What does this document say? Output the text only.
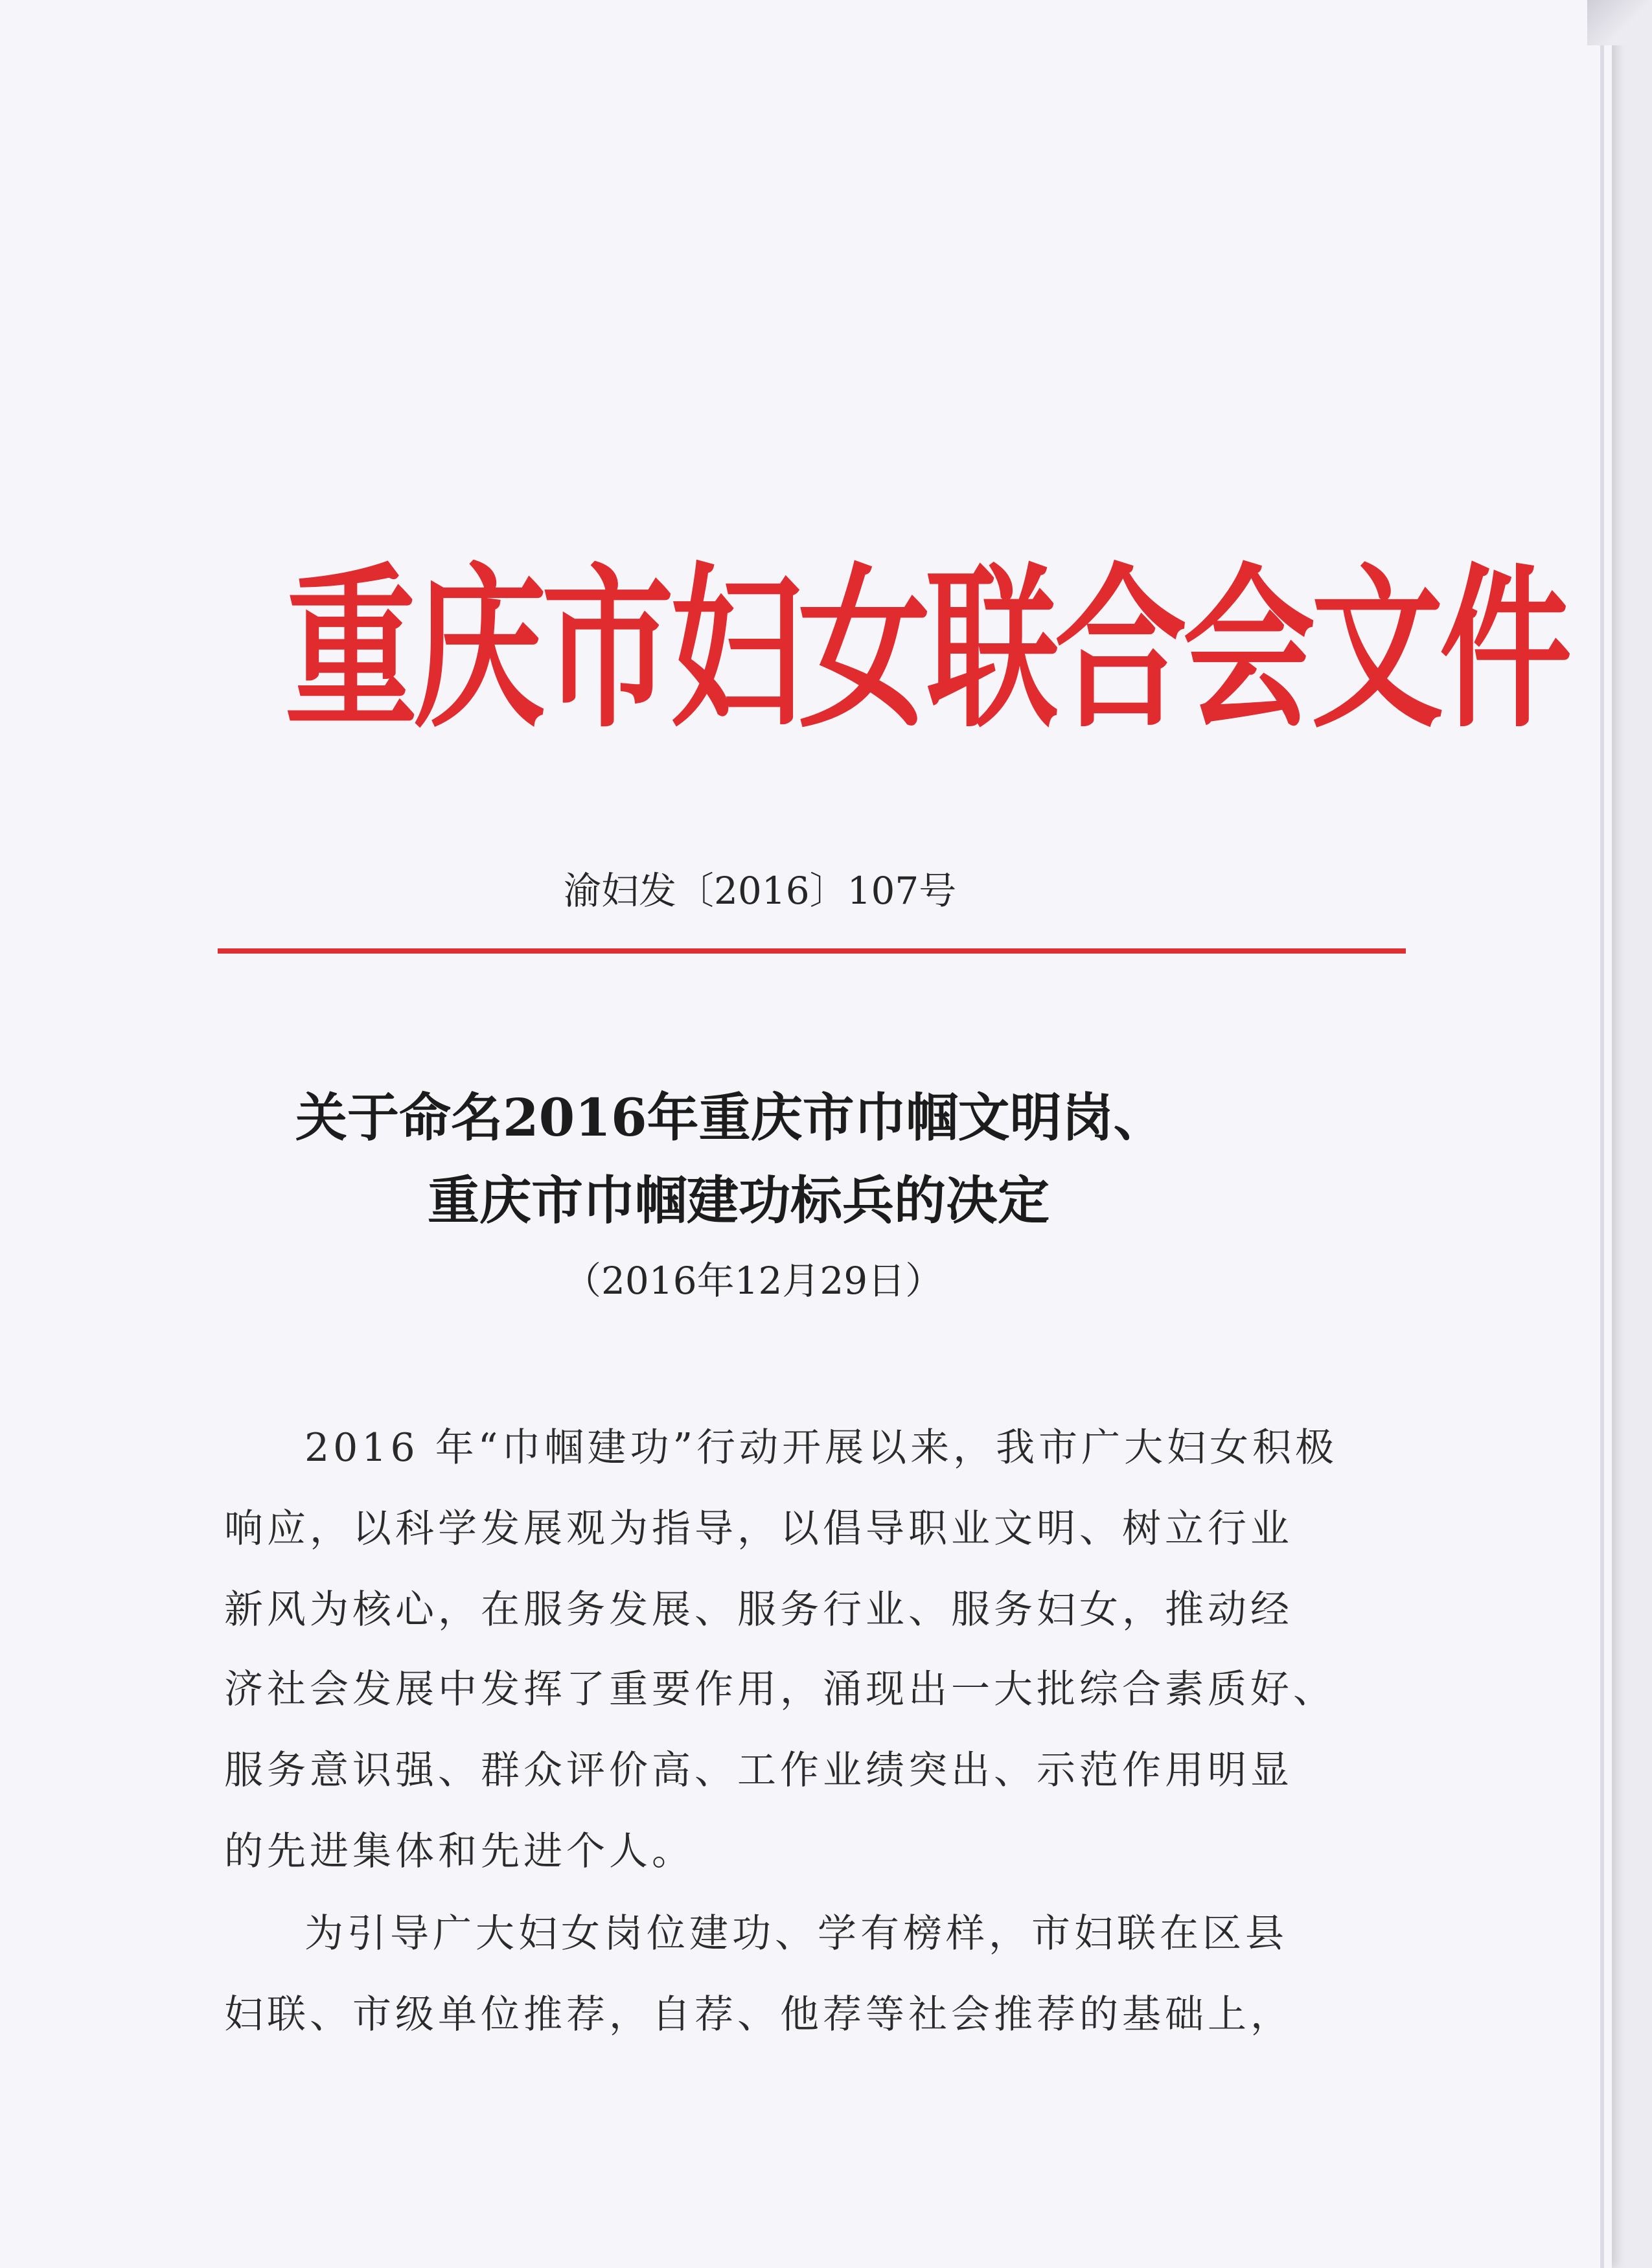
重庆市妇女联合会文件
渝妇发〔2016〕107号
关于命名2016年重庆市巾帼文明岗、
重庆市巾帼建功标兵的决定
（2016年12月29日）
2016 年“巾帼建功”行动开展以来，我市广大妇女积极
响应，以科学发展观为指导，以倡导职业文明、树立行业
新风为核心，在服务发展、服务行业、服务妇女，推动经
济社会发展中发挥了重要作用，涌现出一大批综合素质好、
服务意识强、群众评价高、工作业绩突出、示范作用明显
的先进集体和先进个人。
为引导广大妇女岗位建功、学有榜样，市妇联在区县
妇联、市级单位推荐，自荐、他荐等社会推荐的基础上，
